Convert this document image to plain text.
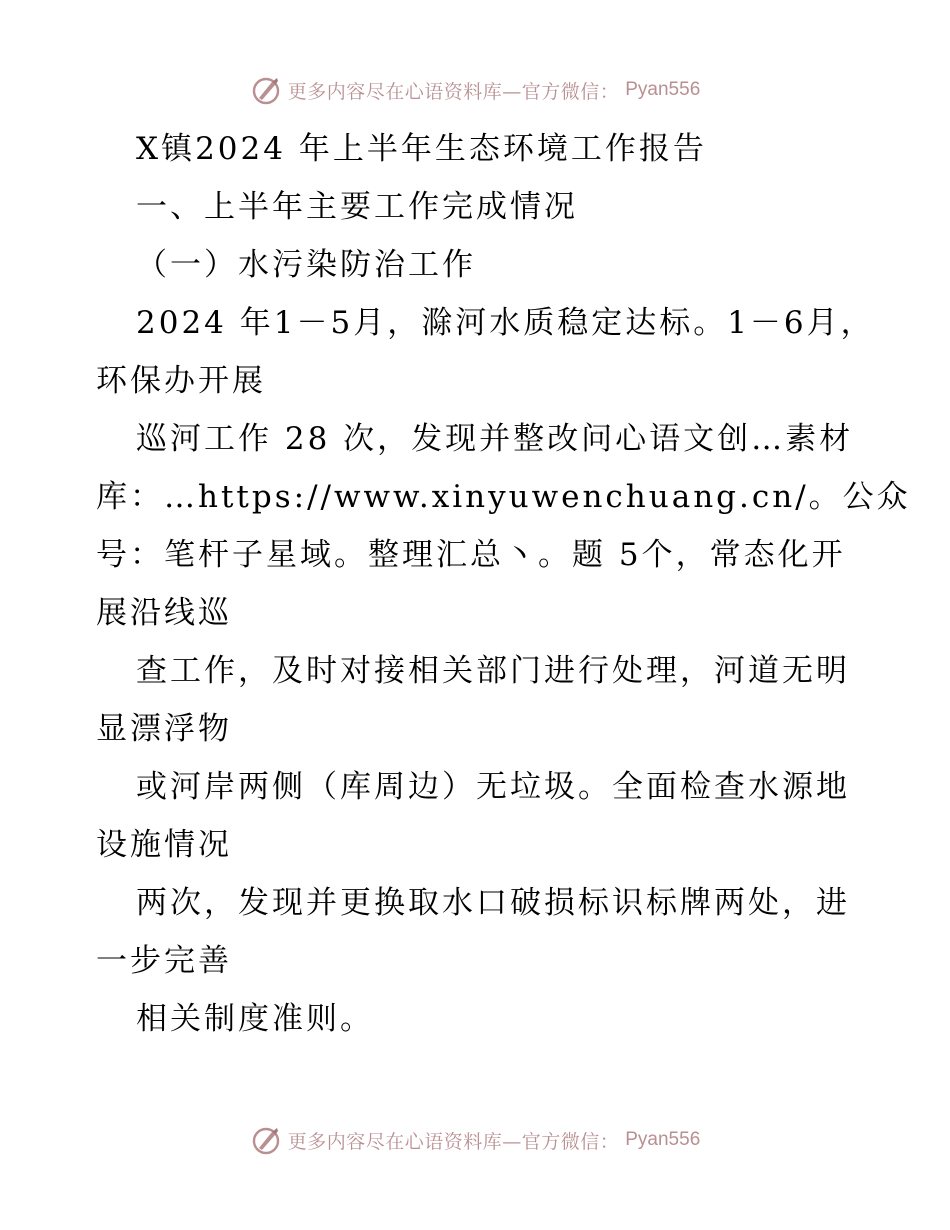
更多内容尽在心语资料库—官方微信： Pyan556
X镇2024 年上半年生态环境工作报告
一、上半年主要工作完成情况
（一）水污染防治工作
2024 年1－5月，滁河水质稳定达标。1－6月，
环保办开展
巡河工作 28 次，发现并整改问心语文创…素材
库：…https://www.xinyuwenchuang.cn/。公众
号：笔杆子星域。整理汇总丶。题 5个，常态化开
展沿线巡
查工作，及时对接相关部门进行处理，河道无明
显漂浮物
或河岸两侧（库周边）无垃圾。全面检查水源地
设施情况
两次，发现并更换取水口破损标识标牌两处，进
一步完善
相关制度准则。
更多内容尽在心语资料库—官方微信： Pyan556
